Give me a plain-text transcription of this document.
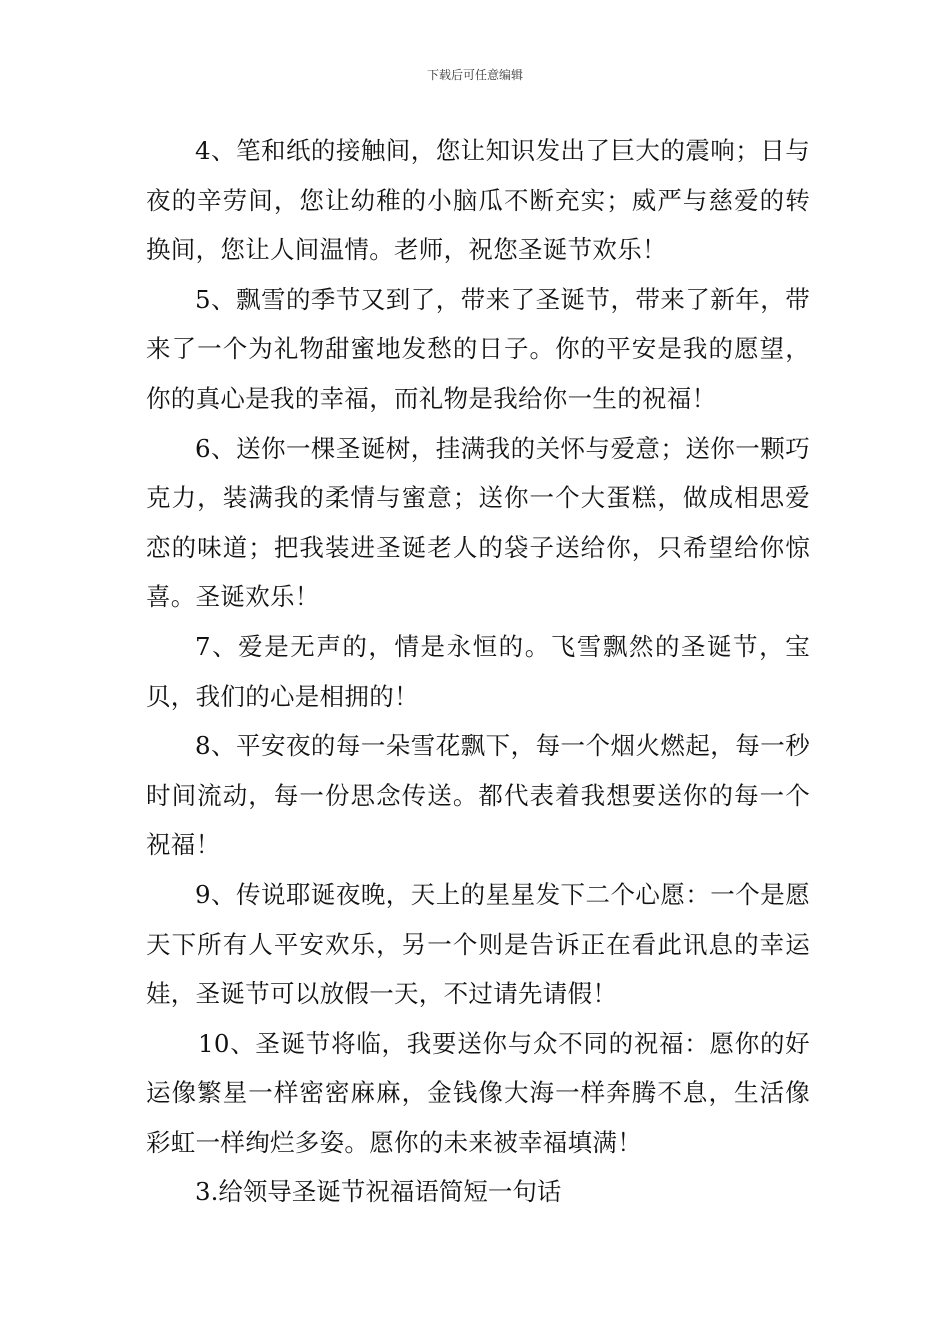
下载后可任意编辑

4、笔和纸的接触间，您让知识发出了巨大的震响；日与夜的辛劳间，您让幼稚的小脑瓜不断充实；威严与慈爱的转换间，您让人间温情。老师，祝您圣诞节欢乐！

5、飘雪的季节又到了，带来了圣诞节，带来了新年，带来了一个为礼物甜蜜地发愁的日子。你的平安是我的愿望，你的真心是我的幸福，而礼物是我给你一生的祝福！

6、送你一棵圣诞树，挂满我的关怀与爱意；送你一颗巧克力，装满我的柔情与蜜意；送你一个大蛋糕，做成相思爱恋的味道；把我装进圣诞老人的袋子送给你，只希望给你惊喜。圣诞欢乐！

7、爱是无声的，情是永恒的。飞雪飘然的圣诞节，宝贝，我们的心是相拥的！

8、平安夜的每一朵雪花飘下，每一个烟火燃起，每一秒时间流动，每一份思念传送。都代表着我想要送你的每一个祝福！

9、传说耶诞夜晚，天上的星星发下二个心愿：一个是愿天下所有人平安欢乐，另一个则是告诉正在看此讯息的幸运娃，圣诞节可以放假一天，不过请先请假！

10、圣诞节将临，我要送你与众不同的祝福：愿你的好运像繁星一样密密麻麻，金钱像大海一样奔腾不息，生活像彩虹一样绚烂多姿。愿你的未来被幸福填满！

3.给领导圣诞节祝福语简短一句话
